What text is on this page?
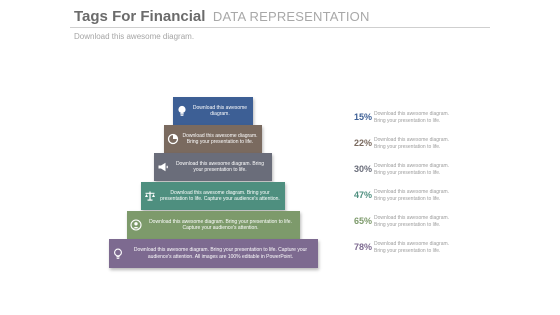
Tags For Financial DATA REPRESENTATION
Download this awesome diagram.
Download this awesome diagram.
Download this awesome diagram. Bring your presentation to life.
Download this awesome diagram. Bring your presentation to life.
Download this awesome diagram. Bring your presentation to life. Capture your audience's attention.
Download this awesome diagram. Bring your presentation to life. Capture your audience's attention.
Download this awesome diagram. Bring your presentation to life. Capture your audience's attention. All images are 100% editable in PowerPoint.
15% Download this awesome diagram. Bring your presentation to life.
22% Download this awesome diagram. Bring your presentation to life.
30% Download this awesome diagram. Bring your presentation to life.
47% Download this awesome diagram. Bring your presentation to life.
65% Download this awesome diagram. Bring your presentation to life.
78% Download this awesome diagram. Bring your presentation to life.
